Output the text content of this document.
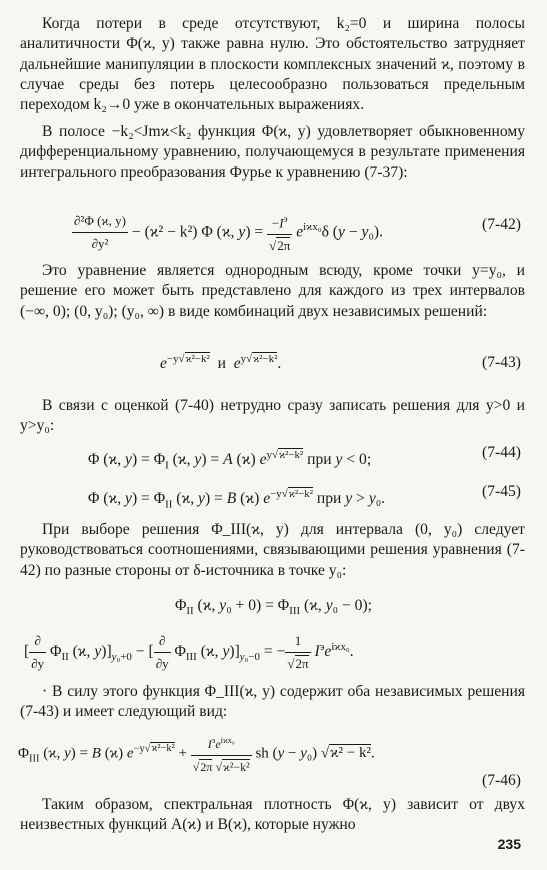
Когда потери в среде отсутствуют, k₂=0 и ширина полосы аналитичности Φ(ϰ, y) также равна нулю. Это обстоятельство затрудняет дальнейшие манипуляции в плоскости комплексных значений ϰ, поэтому в случае среды без потерь целесообразно пользоваться предельным переходом k₂→0 уже в окончательных выражениях.

В полосе −k₂<Jmϰ<k₂ функция Φ(ϰ, y) удовлетворяет обыкновенному дифференциальному уравнению, получающемуся в результате применения интегрального преобразования Фурье к уравнению (7-37):

$\frac{\text{∂²Φ (ϰ, y)}}{\text{∂y²}} - (ϰ^2 - k^2)$ Φ (ϰ, $y) = \frac{-I^э}{√2\pi} e^{iϰx_0}\delta$ (y − y₀).	(7-42)

Это уравнение является однородным всюду, кроме точки y=y₀, и решение его может быть представлено для каждого из трех интервалов (−∞, 0); (0, y₀); (y₀, ∞) в виде комбинаций двух независимых решений:

$e^{-y√ϰ^2-k^2}$ и $e^{y√ϰ^2-k^2}$.	(7-43)

В связи с оценкой (7-40) нетрудно сразу записать решения для y>0 и y>y₀:

Φ (ϰ, $y) = \Phi_I$ (ϰ, y) = A (ϰ) $e^{y√ϰ^2-k^2}$ при y < 0;	(7-44)
Φ (ϰ, $y) = \Phi_{II}$ (ϰ, y) = B (ϰ) $e^{-y√ϰ^2-k^2}$ при y > y₀.	(7-45)

При выборе решения Φ_III(ϰ, y) для интервала (0, y₀) следует руководствоваться соотношениями, связывающими решения уравнения (7-42) по разные стороны от δ-источника в точке y₀:

$\Phi_{II}$ (ϰ, $y_0 + 0) = \Phi_{III}$ (ϰ, y₀ − 0);
[ $\frac{\partial}{\partial y} \Phi_{II}$ (ϰ, $y)]_{y_0+0}$ − [ $\frac{\partial}{\partial y} \Phi_{III}$ (ϰ, $y)]_{y_0-0}$ = − $\frac{1}{√2\pi} I^эe^{iϰx_0}$.

· В силу этого функция Φ_III(ϰ, y) содержит оба независимых решения (7-43) и имеет следующий вид:

$\Phi_{III}$ (ϰ, y) = B (ϰ) $e^{-y√ϰ^2-k^2} + \frac{I^эe^{iϰx_0}}{\text{√2π √ϰ²−k²}}$ sh (y − y₀) √ϰ² − k².
(7-46)

Таким образом, спектральная плотность Φ(ϰ, y) зависит от двух неизвестных функций A(ϰ) и B(ϰ), которые нужно

235
